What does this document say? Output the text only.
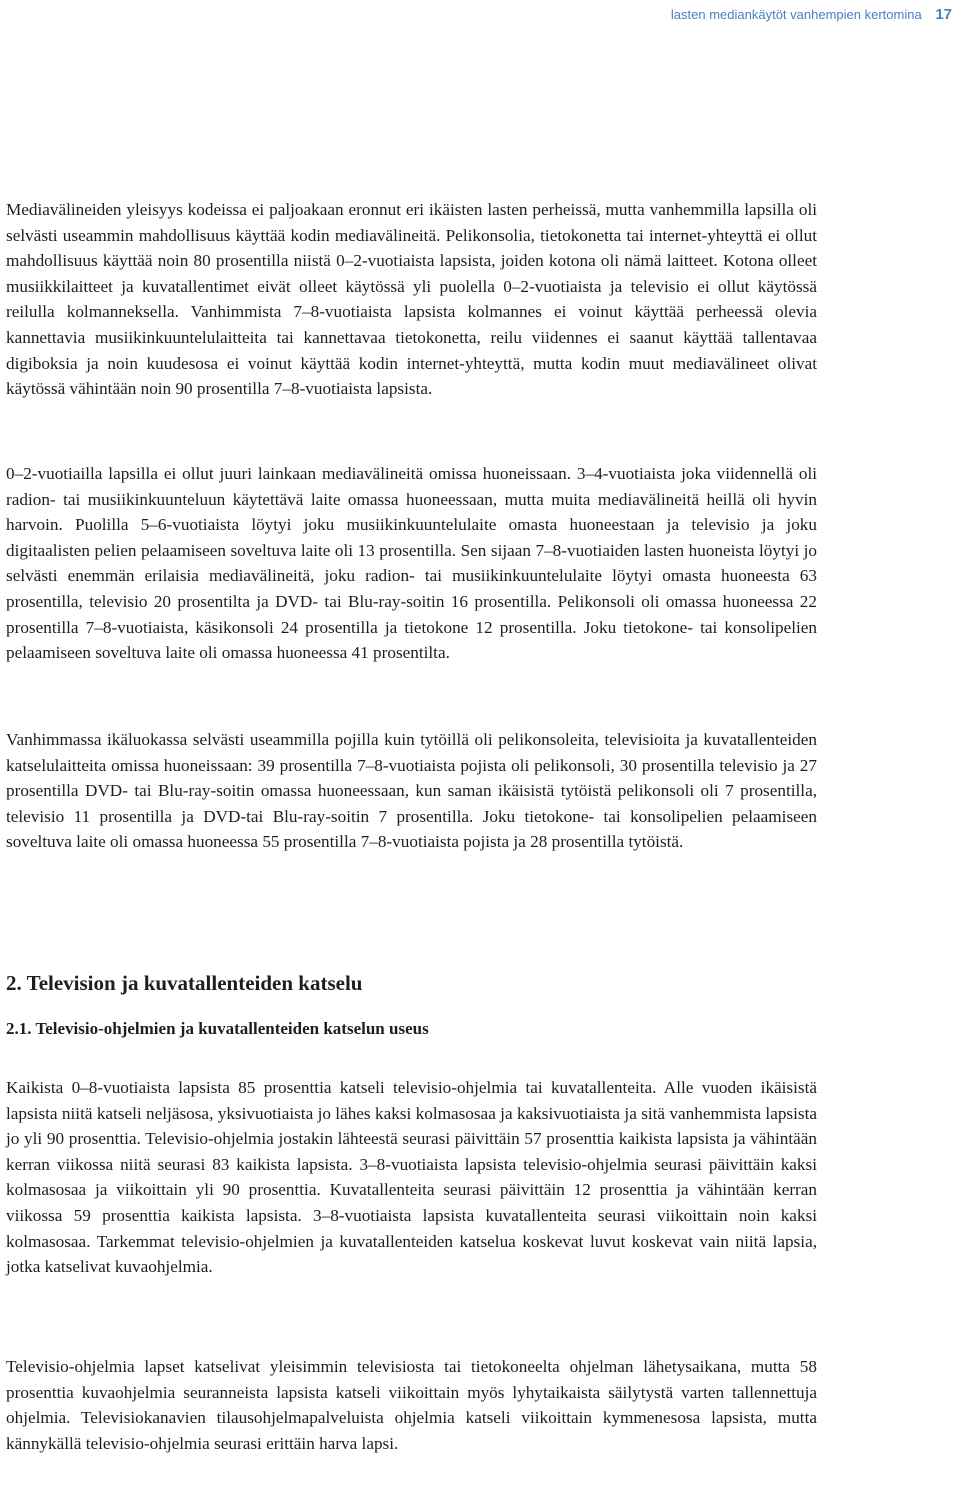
lasten mediankäytöt vanhempien kertomina 17

Mediavälineiden yleisyys kodeissa ei paljoakaan eronnut eri ikäisten lasten perheissä, mutta vanhemmilla lapsilla oli selvästi useammin mahdollisuus käyttää kodin mediavälineitä. Pelikonsolia, tietokonetta tai internet-yhteyttä ei ollut mahdollisuus käyttää noin 80 prosentilla niistä 0–2-vuotiaista lapsista, joiden kotona oli nämä laitteet. Kotona olleet musiikkilaitteet ja kuvatallentimet eivät olleet käytössä yli puolella 0–2-vuotiaista ja televisio ei ollut käytössä reilulla kolmanneksella. Vanhimmista 7–8-vuotiaista lapsista kolmannes ei voinut käyttää perheessä olevia kannettavia musiikinkuuntelulaitteita tai kannettavaa tietokonetta, reilu viidennes ei saanut käyttää tallentavaa digiboksia ja noin kuudesosa ei voinut käyttää kodin internet-yhteyttä, mutta kodin muut mediavälineet olivat käytössä vähintään noin 90 prosentilla 7–8-vuotiaista lapsista.

0–2-vuotiailla lapsilla ei ollut juuri lainkaan mediavälineitä omissa huoneissaan. 3–4-vuotiaista joka viidennellä oli radion- tai musiikinkuunteluun käytettävä laite omassa huoneessaan, mutta muita mediavälineitä heillä oli hyvin harvoin. Puolilla 5–6-vuotiaista löytyi joku musiikinkuuntelulaite omasta huoneestaan ja televisio ja joku digitaalisten pelien pelaamiseen soveltuva laite oli 13 prosentilla. Sen sijaan 7–8-vuotiaiden lasten huoneista löytyi jo selvästi enemmän erilaisia mediavälineitä, joku radion- tai musiikinkuuntelulaite löytyi omasta huoneesta 63 prosentilla, televisio 20 prosentilta ja DVD- tai Blu-ray-soitin 16 prosentilla. Pelikonsoli oli omassa huoneessa 22 prosentilla 7–8-vuotiaista, käsikonsoli 24 prosentilla ja tietokone 12 prosentilla. Joku tietokone- tai konsolipelien pelaamiseen soveltuva laite oli omassa huoneessa 41 prosentilta.

Vanhimmassa ikäluokassa selvästi useammilla pojilla kuin tytöillä oli pelikonsoleita, televisioita ja kuvatallenteiden katselulaitteita omissa huoneissaan: 39 prosentilla 7–8-vuotiaista pojista oli pelikonsoli, 30 prosentilla televisio ja 27 prosentilla DVD- tai Blu-ray-soitin omassa huoneessaan, kun saman ikäisistä tytöistä pelikonsoli oli 7 prosentilla, televisio 11 prosentilla ja DVD-tai Blu-ray-soitin 7 prosentilla. Joku tietokone- tai konsolipelien pelaamiseen soveltuva laite oli omassa huoneessa 55 prosentilla 7–8-vuotiaista pojista ja 28 prosentilla tytöistä.

2. Television ja kuvatallenteiden katselu
2.1. Televisio-ohjelmien ja kuvatallenteiden katselun useus

Kaikista 0–8-vuotiaista lapsista 85 prosenttia katseli televisio-ohjelmia tai kuvatallenteita. Alle vuoden ikäisistä lapsista niitä katseli neljäsosa, yksivuotiaista jo lähes kaksi kolmasosaa ja kaksivuotiaista ja sitä vanhemmista lapsista jo yli 90 prosenttia. Televisio-ohjelmia jostakin lähteestä seurasi päivittäin 57 prosenttia kaikista lapsista ja vähintään kerran viikossa niitä seurasi 83 kaikista lapsista. 3–8-vuotiaista lapsista televisio-ohjelmia seurasi päivittäin kaksi kolmasosaa ja viikoittain yli 90 prosenttia. Kuvatallenteita seurasi päivittäin 12 prosenttia ja vähintään kerran viikossa 59 prosenttia kaikista lapsista. 3–8-vuotiaista lapsista kuvatallenteita seurasi viikoittain noin kaksi kolmasosaa. Tarkemmat televisio-ohjelmien ja kuvatallenteiden katselua koskevat luvut koskevat vain niitä lapsia, jotka katselivat kuvaohjelmia.

Televisio-ohjelmia lapset katselivat yleisimmin televisiosta tai tietokoneelta ohjelman lähetysaikana, mutta 58 prosenttia kuvaohjelmia seuranneista lapsista katseli viikoittain myös lyhytaikaista säilytystä varten tallennettuja ohjelmia. Televisiokanavien tilausohjelmapalveluista ohjelmia katseli viikoittain kymmenesosa lapsista, mutta kännykällä televisio-ohjelmia seurasi erittäin harva lapsi.
